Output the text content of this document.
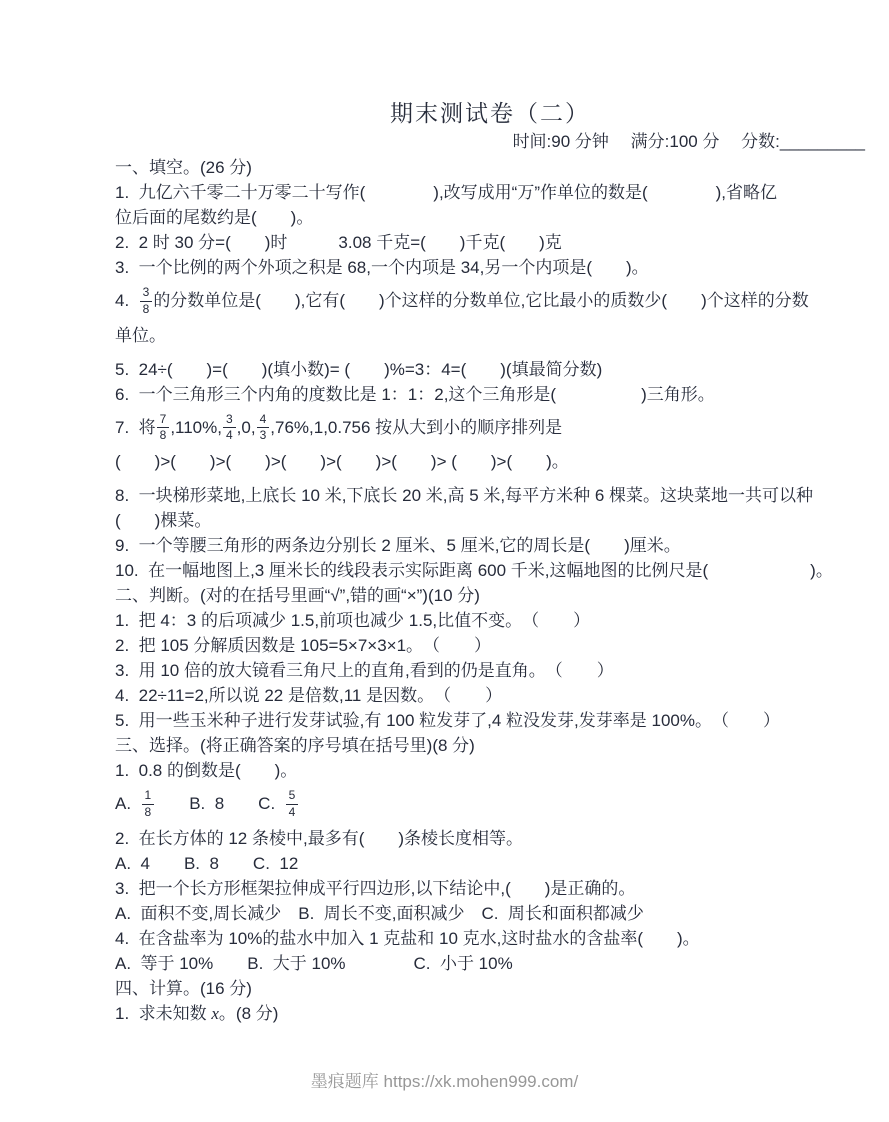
期末测试卷（二）
时间:90 分钟　 满分:100 分　 分数:_________
一、填空。(26 分)
1.  九亿六千零二十万零二十写作(　　　　),改写成用“万”作单位的数是(　　　　),省略亿
位后面的尾数约是(　　)。
2.  2 时 30 分=(　　)时　　　3.08 千克=(　　)千克(　　)克
3.  一个比例的两个外项之积是 68,一个内项是 34,另一个内项是(　　)。
4. $\frac{3}{8}$ 的分数单位是(　　),它有(　　)个这样的分数单位,它比最小的质数少(　　)个这样的分数
单位。
5.  24÷(　　)=(　　)(填小数)= (　　)%=3：4=(　　)(填最简分数)
6.  一个三角形三个内角的度数比是 1：1：2,这个三角形是(　　　　　)三角形。
7.  将 $\frac{7}{8} ,110\%$, $\frac{3}{4} ,0$, $\frac{4}{3} ,76\%,1,0.756$ 按从大到小的顺序排列是
(　　)>(　　)>(　　)>(　　)>(　　)>(　　)> (　　)>(　　)。
8.  一块梯形菜地,上底长 10 米,下底长 20 米,高 5 米,每平方米种 6 棵菜。这块菜地一共可以种
(　　)棵菜。
9.  一个等腰三角形的两条边分别长 2 厘米、5 厘米,它的周长是(　　)厘米。
10.  在一幅地图上,3 厘米长的线段表示实际距离 600 千米,这幅地图的比例尺是(　　　　　　)。
二、判断。(对的在括号里画“√”,错的画“×”)(10 分)
1.  把 4：3 的后项减少 1.5,前项也减少 1.5,比值不变。　（　　）
2.  把 105 分解质因数是 105=5×7×3×1。　（　　）
3.  用 10 倍的放大镜看三角尺上的直角,看到的仍是直角。　（　　）
4.  22÷11=2,所以说 22 是倍数,11 是因数。　（　　）
5.  用一些玉米种子进行发芽试验,有 100 粒发芽了,4 粒没发芽,发芽率是 100%。　（　　）
三、选择。(将正确答案的序号填在括号里)(8 分)
1.  0.8 的倒数是(　　)。
A. $\frac{1}{8}$ 　　B.  8　　C. $\frac{5}{4}$
2.  在长方体的 12 条棱中,最多有(　　)条棱长度相等。
A.  4　　B.  8　　C.  12
3.  把一个长方形框架拉伸成平行四边形,以下结论中,(　　)是正确的。
A.  面积不变,周长减少　B.  周长不变,面积减少　C.  周长和面积都减少
4.  在含盐率为 10%的盐水中加入 1 克盐和 10 克水,这时盐水的含盐率(　　)。
A.  等于 10%　　B.  大于 10%　　　　C.  小于 10%
四、计算。(16 分)
1.  求未知数 x。(8 分)
墨痕题库 https://xk.mohen999.com/
